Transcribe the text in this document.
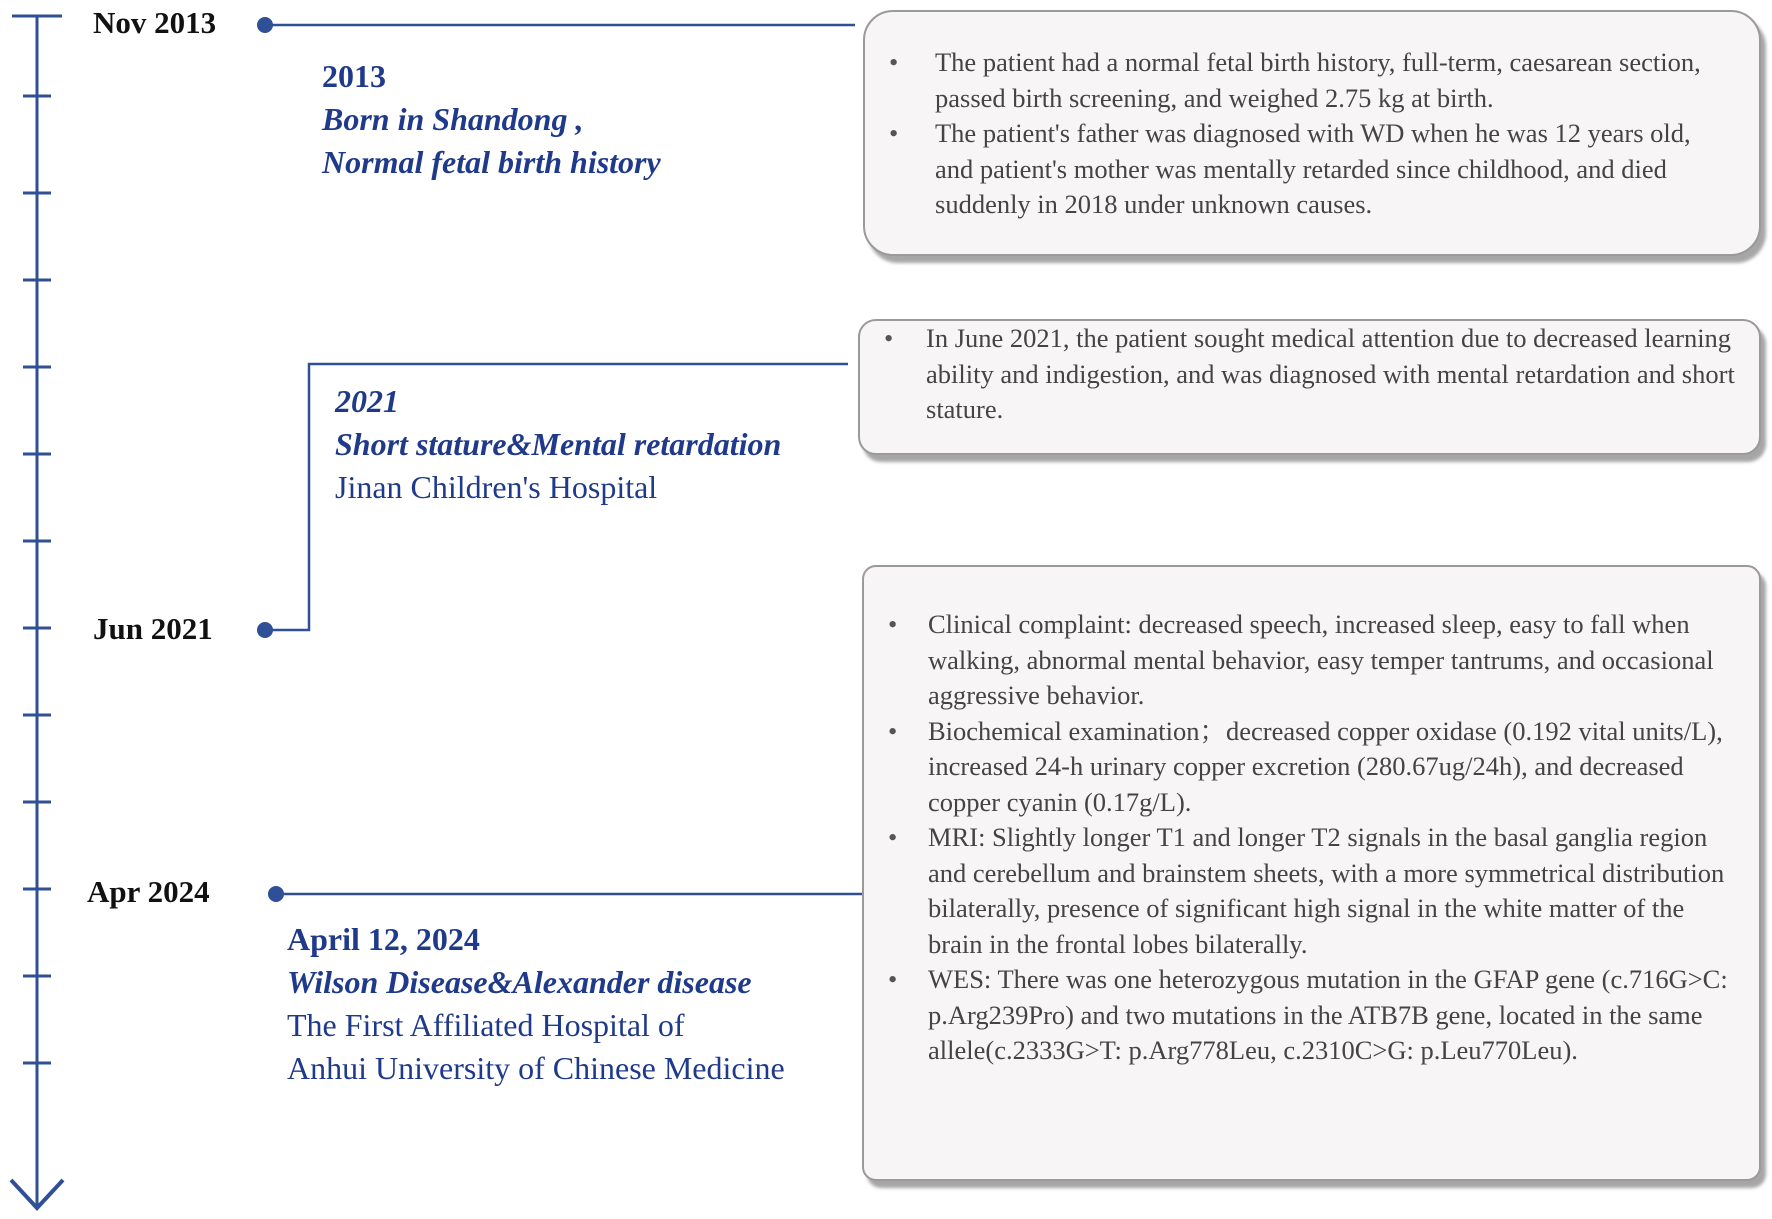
Nov 2013
Jun 2021
Apr 2024
2013
Born in Shandong ,
Normal fetal birth history
2021
Short stature&Mental retardation
Jinan Children's Hospital
April 12, 2024
Wilson Disease&Alexander disease
The First Affiliated Hospital of
Anhui University of Chinese Medicine
• The patient had a normal fetal birth history, full-term, caesarean section, passed birth screening, and weighed 2.75 kg at birth.
• The patient's father was diagnosed with WD when he was 12 years old, and patient's mother was mentally retarded since childhood, and died suddenly in 2018 under unknown causes.
• In June 2021, the patient sought medical attention due to decreased learning ability and indigestion, and was diagnosed with mental retardation and short stature.
• Clinical complaint: decreased speech, increased sleep, easy to fall when walking, abnormal mental behavior, easy temper tantrums, and occasional aggressive behavior.
• Biochemical examination；decreased copper oxidase (0.192 vital units/L), increased 24-h urinary copper excretion (280.67ug/24h), and decreased copper cyanin (0.17g/L).
• MRI: Slightly longer T1 and longer T2 signals in the basal ganglia region and cerebellum and brainstem sheets, with a more symmetrical distribution bilaterally, presence of significant high signal in the white matter of the brain in the frontal lobes bilaterally.
• WES: There was one heterozygous mutation in the GFAP gene (c.716G>C: p.Arg239Pro) and two mutations in the ATB7B gene, located in the same allele(c.2333G>T: p.Arg778Leu, c.2310C>G: p.Leu770Leu).
